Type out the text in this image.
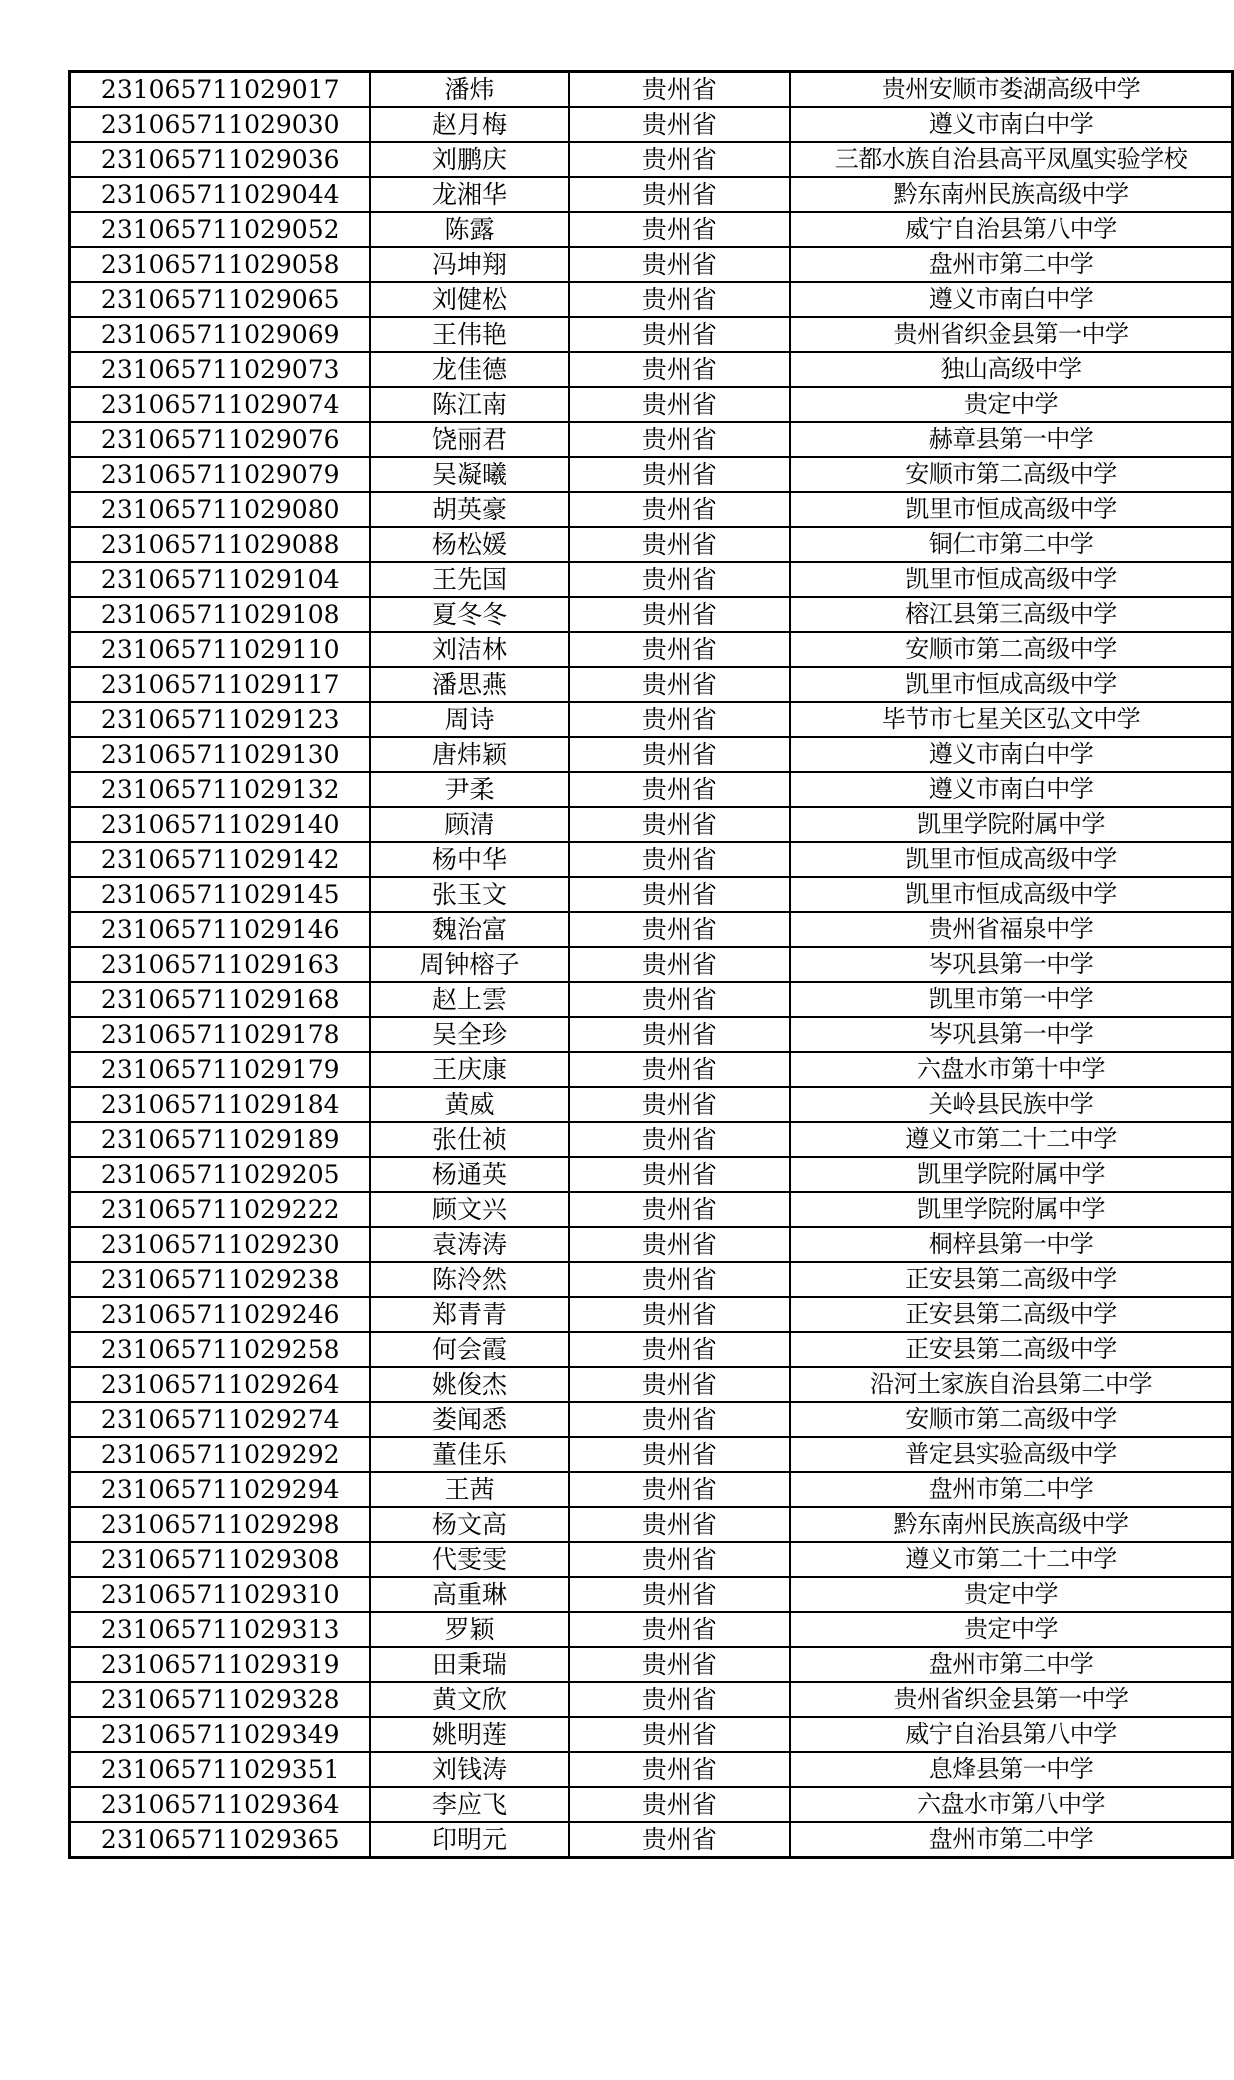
231065711029017	潘炜	贵州省	贵州安顺市娄湖高级中学
231065711029030	赵月梅	贵州省	遵义市南白中学
231065711029036	刘鹏庆	贵州省	三都水族自治县高平凤凰实验学校
231065711029044	龙湘华	贵州省	黔东南州民族高级中学
231065711029052	陈露	贵州省	威宁自治县第八中学
231065711029058	冯坤翔	贵州省	盘州市第二中学
231065711029065	刘健松	贵州省	遵义市南白中学
231065711029069	王伟艳	贵州省	贵州省织金县第一中学
231065711029073	龙佳德	贵州省	独山高级中学
231065711029074	陈江南	贵州省	贵定中学
231065711029076	饶丽君	贵州省	赫章县第一中学
231065711029079	吴凝曦	贵州省	安顺市第二高级中学
231065711029080	胡英豪	贵州省	凯里市恒成高级中学
231065711029088	杨松媛	贵州省	铜仁市第二中学
231065711029104	王先国	贵州省	凯里市恒成高级中学
231065711029108	夏冬冬	贵州省	榕江县第三高级中学
231065711029110	刘洁林	贵州省	安顺市第二高级中学
231065711029117	潘思燕	贵州省	凯里市恒成高级中学
231065711029123	周诗	贵州省	毕节市七星关区弘文中学
231065711029130	唐炜颖	贵州省	遵义市南白中学
231065711029132	尹柔	贵州省	遵义市南白中学
231065711029140	顾清	贵州省	凯里学院附属中学
231065711029142	杨中华	贵州省	凯里市恒成高级中学
231065711029145	张玉文	贵州省	凯里市恒成高级中学
231065711029146	魏治富	贵州省	贵州省福泉中学
231065711029163	周钟榕子	贵州省	岑巩县第一中学
231065711029168	赵上雲	贵州省	凯里市第一中学
231065711029178	吴全珍	贵州省	岑巩县第一中学
231065711029179	王庆康	贵州省	六盘水市第十中学
231065711029184	黄威	贵州省	关岭县民族中学
231065711029189	张仕祯	贵州省	遵义市第二十二中学
231065711029205	杨通英	贵州省	凯里学院附属中学
231065711029222	顾文兴	贵州省	凯里学院附属中学
231065711029230	袁涛涛	贵州省	桐梓县第一中学
231065711029238	陈泠然	贵州省	正安县第二高级中学
231065711029246	郑青青	贵州省	正安县第二高级中学
231065711029258	何会霞	贵州省	正安县第二高级中学
231065711029264	姚俊杰	贵州省	沿河土家族自治县第二中学
231065711029274	娄闻悉	贵州省	安顺市第二高级中学
231065711029292	董佳乐	贵州省	普定县实验高级中学
231065711029294	王茜	贵州省	盘州市第二中学
231065711029298	杨文高	贵州省	黔东南州民族高级中学
231065711029308	代雯雯	贵州省	遵义市第二十二中学
231065711029310	高重琳	贵州省	贵定中学
231065711029313	罗颖	贵州省	贵定中学
231065711029319	田秉瑞	贵州省	盘州市第二中学
231065711029328	黄文欣	贵州省	贵州省织金县第一中学
231065711029349	姚明莲	贵州省	威宁自治县第八中学
231065711029351	刘钱涛	贵州省	息烽县第一中学
231065711029364	李应飞	贵州省	六盘水市第八中学
231065711029365	印明元	贵州省	盘州市第二中学
